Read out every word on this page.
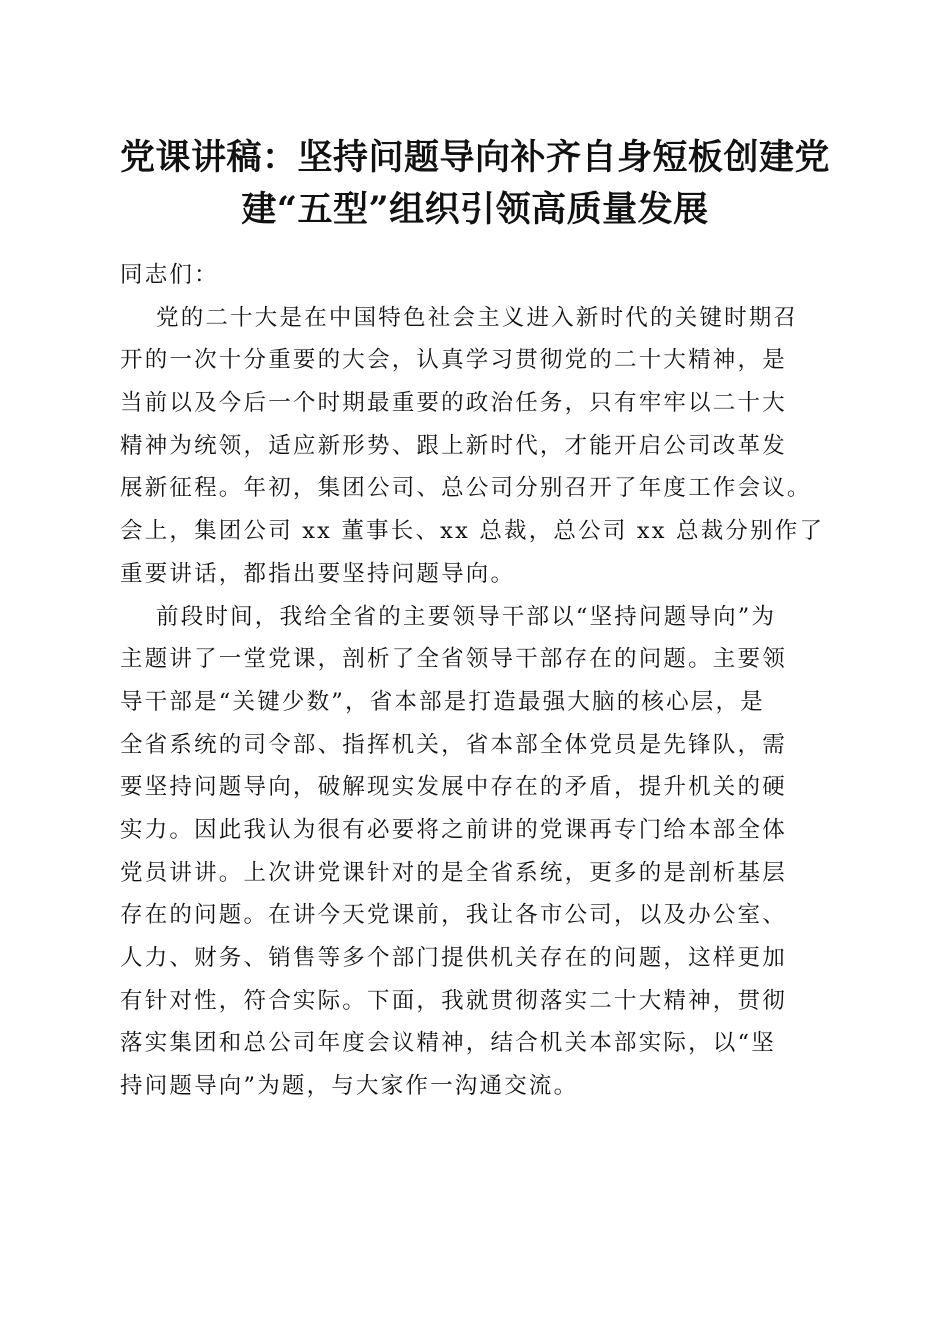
党课讲稿：坚持问题导向补齐自身短板创建党
建“五型”组织引领高质量发展
同志们：
党的二十大是在中国特色社会主义进入新时代的关键时期召
开的一次十分重要的大会，认真学习贯彻党的二十大精神，是
当前以及今后一个时期最重要的政治任务，只有牢牢以二十大
精神为统领，适应新形势、跟上新时代，才能开启公司改革发
展新征程。年初，集团公司、总公司分别召开了年度工作会议。
会上，集团公司 xx 董事长、xx 总裁，总公司 xx 总裁分别作了
重要讲话，都指出要坚持问题导向。
前段时间，我给全省的主要领导干部以“坚持问题导向”为
主题讲了一堂党课，剖析了全省领导干部存在的问题。主要领
导干部是“关键少数”，省本部是打造最强大脑的核心层，是
全省系统的司令部、指挥机关，省本部全体党员是先锋队，需
要坚持问题导向，破解现实发展中存在的矛盾，提升机关的硬
实力。因此我认为很有必要将之前讲的党课再专门给本部全体
党员讲讲。上次讲党课针对的是全省系统，更多的是剖析基层
存在的问题。在讲今天党课前，我让各市公司，以及办公室、
人力、财务、销售等多个部门提供机关存在的问题，这样更加
有针对性，符合实际。下面，我就贯彻落实二十大精神，贯彻
落实集团和总公司年度会议精神，结合机关本部实际，以“坚
持问题导向”为题，与大家作一沟通交流。
